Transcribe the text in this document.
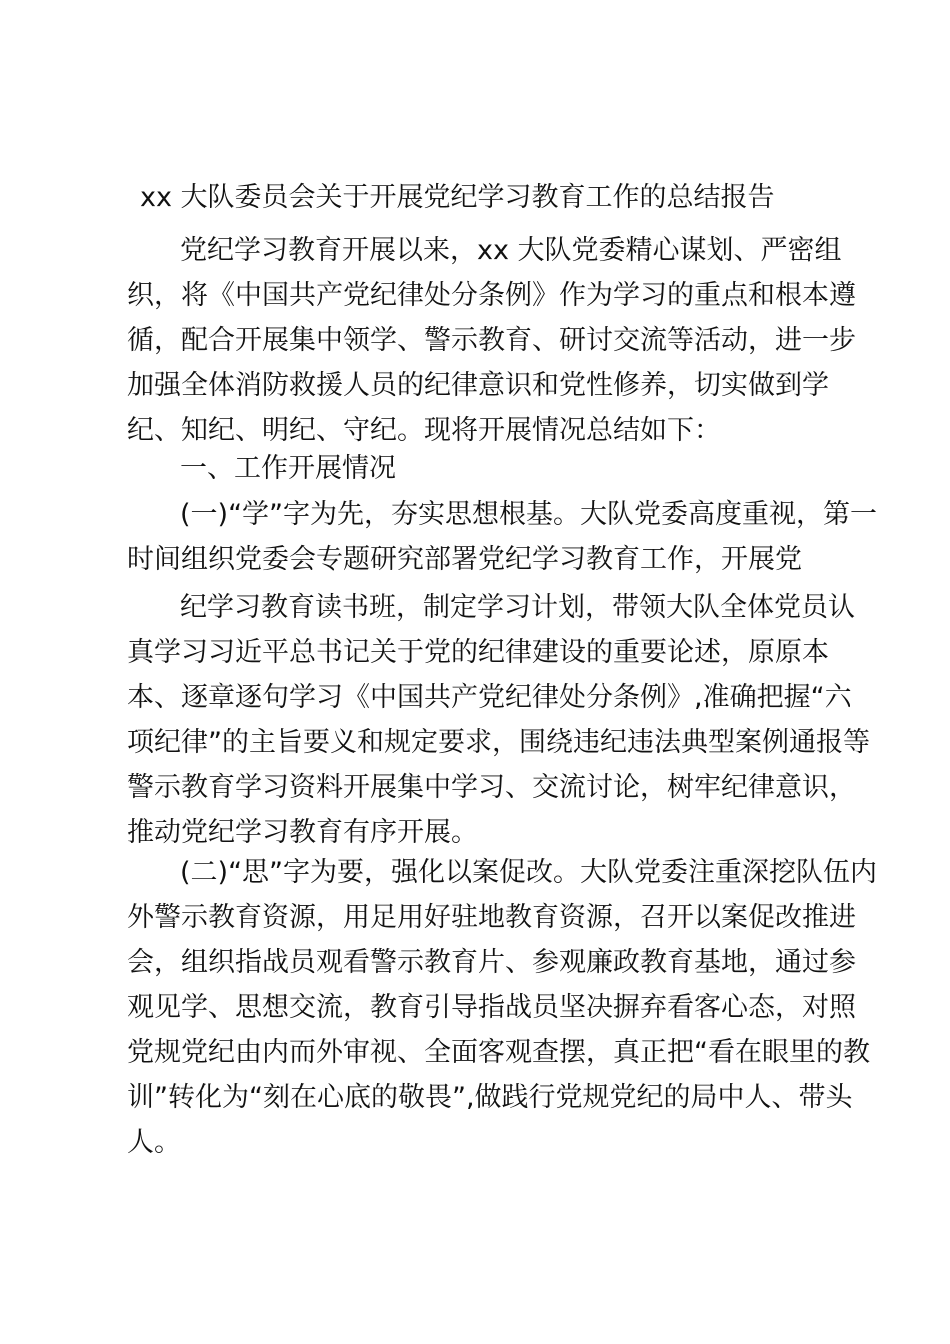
xx 大队委员会关于开展党纪学习教育工作的总结报告
党纪学习教育开展以来，xx 大队党委精心谋划、严密组
织，将《中国共产党纪律处分条例》作为学习的重点和根本遵
循，配合开展集中领学、警示教育、研讨交流等活动，进一步
加强全体消防救援人员的纪律意识和党性修养，切实做到学
纪、知纪、明纪、守纪。现将开展情况总结如下：
一、工作开展情况
(一)“学”字为先，夯实思想根基。大队党委高度重视，第一
时间组织党委会专题研究部署党纪学习教育工作，开展党
纪学习教育读书班，制定学习计划，带领大队全体党员认
真学习习近平总书记关于党的纪律建设的重要论述，原原本
本、逐章逐句学习《中国共产党纪律处分条例》,准确把握“六
项纪律”的主旨要义和规定要求，围绕违纪违法典型案例通报等
警示教育学习资料开展集中学习、交流讨论，树牢纪律意识，
推动党纪学习教育有序开展。
(二)“思”字为要，强化以案促改。大队党委注重深挖队伍内
外警示教育资源，用足用好驻地教育资源，召开以案促改推进
会，组织指战员观看警示教育片、参观廉政教育基地，通过参
观见学、思想交流，教育引导指战员坚决摒弃看客心态，对照
党规党纪由内而外审视、全面客观查摆，真正把“看在眼里的教
训”转化为“刻在心底的敬畏”,做践行党规党纪的局中人、带头
人。
